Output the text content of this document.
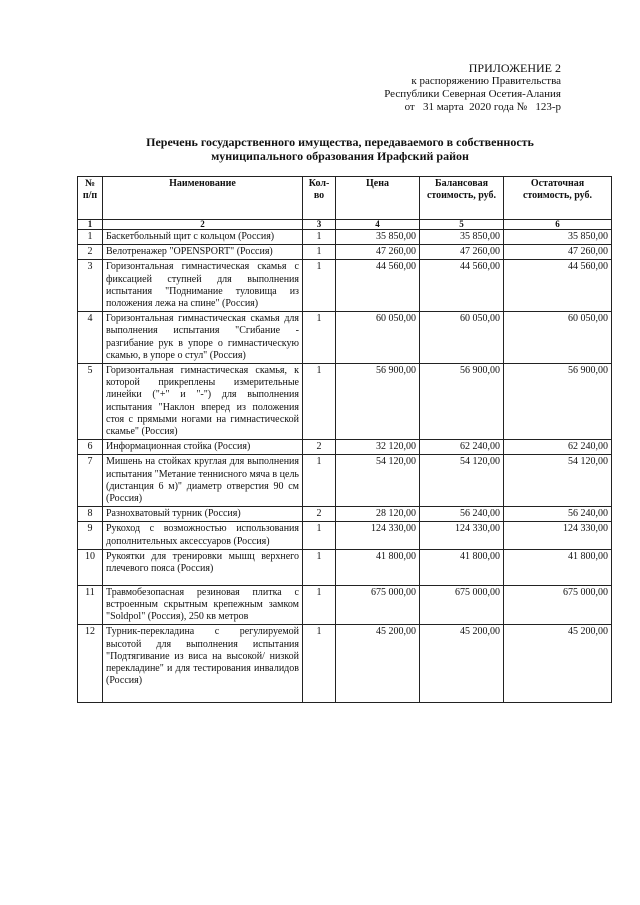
ПРИЛОЖЕНИЕ 2
к распоряжению Правительства
Республики Северная Осетия-Алания
от   31 марта  2020 года №   123-р
Перечень государственного имущества, передаваемого в собственность
муниципального образования Ирафский район
№ п/п	Наименование	Кол-во	Цена	Балансовая стоимость, руб.	Остаточная стоимость, руб.
1	2	3	4	5	6
1	Баскетбольный щит с кольцом (Россия)	1	35 850,00	35 850,00	35 850,00
2	Велотренажер "OPENSPORT" (Россия)	1	47 260,00	47 260,00	47 260,00
3	Горизонтальная гимнастическая скамья с фиксацией ступней для выполнения испытания "Поднимание туловища из положения лежа на спине" (Россия)	1	44 560,00	44 560,00	44 560,00
4	Горизонтальная гимнастическая скамья для выполнения испытания "Сгибание - разгибание рук в упоре о гимнастическую скамью, в упоре о стул" (Россия)	1	60 050,00	60 050,00	60 050,00
5	Горизонтальная гимнастическая скамья, к которой прикреплены измерительные линейки ("+" и "-") для выполнения испытания "Наклон вперед из положения стоя с прямыми ногами на гимнастической скамье" (Россия)	1	56 900,00	56 900,00	56 900,00
6	Информационная стойка (Россия)	2	32 120,00	62 240,00	62 240,00
7	Мишень на стойках круглая для выполнения испытания "Метание теннисного мяча в цель (дистанция 6 м)" диаметр отверстия 90 см (Россия)	1	54 120,00	54 120,00	54 120,00
8	Разнохватовый турник (Россия)	2	28 120,00	56 240,00	56 240,00
9	Рукоход с возможностью использования дополнительных аксессуаров (Россия)	1	124 330,00	124 330,00	124 330,00
10	Рукоятки для тренировки мышц верхнего плечевого пояса (Россия)	1	41 800,00	41 800,00	41 800,00
11	Травмобезопасная резиновая плитка с встроенным скрытным крепежным замком "Soldpol" (Россия), 250 кв метров	1	675 000,00	675 000,00	675 000,00
12	Турник-перекладина с регулируемой высотой для выполнения испытания "Подтягивание из виса на высокой/ низкой перекладине" и для тестирования инвалидов (Россия)	1	45 200,00	45 200,00	45 200,00
